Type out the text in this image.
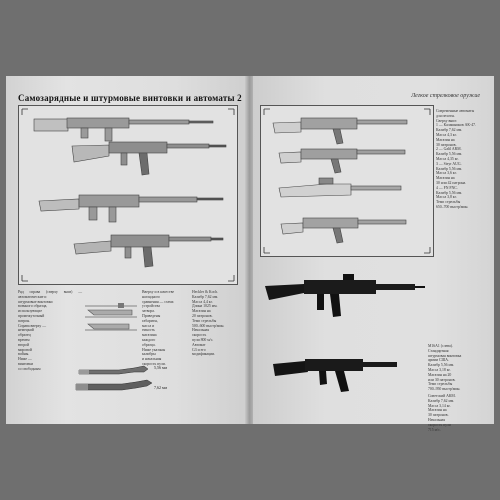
Самозарядные и штурмовые винтовки и автоматы 2
Ряд справа (сверху вниз) — автоматические и
штурмовые винтовки
военного образца,
использующие
промежуточный
патрон.
Справа вверху —
немецкий
образец
времен
второй
мировой
войны.
Ниже —
винтовки
со свободным
Вверху и в качестве
наглядного
сравнения — схема
устройства
затвора.
Приведены
габариты,
масса и
емкость
магазина
каждого
образца.
Ниже указаны
калибры
и начальная
скорость пули.
Heckler & Koch.
Калибр 7,62 мм.
Масса 4,4 кг.
Длина 1025 мм.
Магазин на
20 патронов.
Темп стрельбы
500–600 выстр/мин.
Начальная
скорость
пули 800 м/с.
Автомат
G3 и его
модификации.
5,56 мм
7,62 мм
Легкое стрелковое оружие
Современные автоматы
для пехоты.
Сверху вниз:
1 — Калашников АК-47.
Калибр 7,62 мм.
Масса 4,3 кг.
Магазин на
30 патронов.
2 — Galil ARM.
Калибр 5,56 мм.
Масса 4,35 кг.
3 — Steyr AUG.
Калибр 5,56 мм.
Масса 3,6 кг.
Магазин на
30 или 42 патрона.
4 — FN FNC.
Калибр 5,56 мм.
Масса 3,8 кг.
Темп стрельбы
650–700 выстр/мин.
M16A1 (слева).
Стандартная
штурмовая винтовка
армии США.
Калибр 5,56 мм.
Масса 3,18 кг.
Магазин на 20
или 30 патронов.
Темп стрельбы
700–950 выстр/мин.
Советский АКМ.
Калибр 7,62 мм.
Масса 3,14 кг.
Магазин на
30 патронов.
Начальная
скорость пули
715 м/с.
